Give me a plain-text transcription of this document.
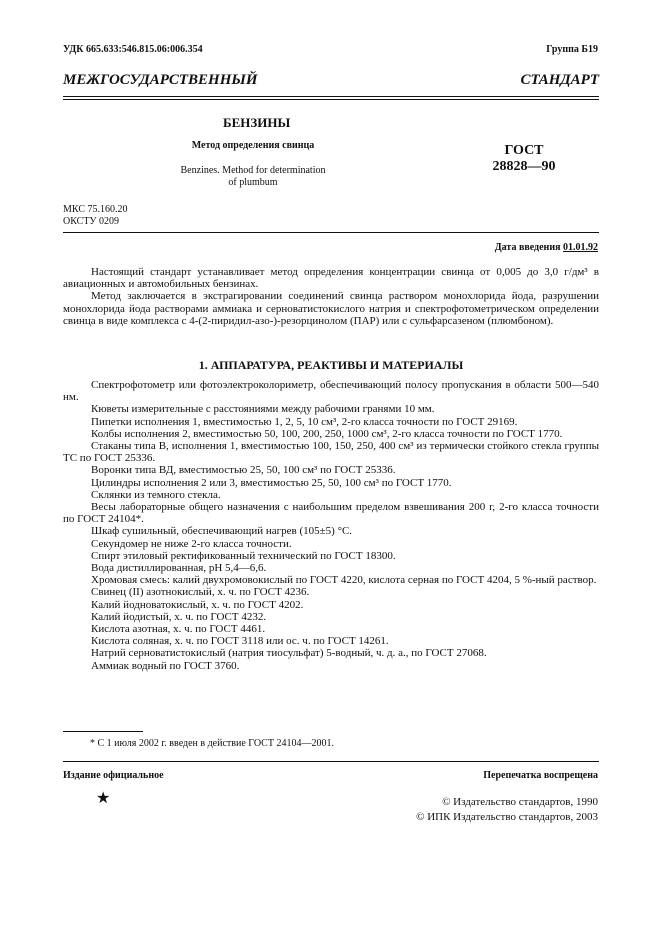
УДК 665.633:546.815.06:006.354	Группа Б19
МЕЖГОСУДАРСТВЕННЫЙ СТАНДАРТ
БЕНЗИНЫ
Метод определения свинца
Benzines. Method for determination
of plumbum
ГОСТ
28828—90
МКС 75.160.20
ОКСТУ 0209
Дата введения 01.01.92

Настоящий стандарт устанавливает метод определения концентрации свинца от 0,005 до 3,0 г/дм³ в авиационных и автомобильных бензинах.

Метод заключается в экстрагировании соединений свинца раствором монохлорида йода, разрушении монохлорида йода растворами аммиака и серноватистокислого натрия и спектрофотометрическом определении свинца в виде комплекса с 4-(2-пиридил-азо-)-резорцинолом (ПАР) или с сульфарсазеном (плюмбоном).

1. АППАРАТУРА, РЕАКТИВЫ И МАТЕРИАЛЫ

Спектрофотометр или фотоэлектроколориметр, обеспечивающий полосу пропускания в области 500—540 нм.

Кюветы измерительные с расстояниями между рабочими гранями 10 мм.

Пипетки исполнения 1, вместимостью 1, 2, 5, 10 см³, 2-го класса точности по ГОСТ 29169.

Колбы исполнения 2, вместимостью 50, 100, 200, 250, 1000 см³, 2-го класса точности по ГОСТ 1770.

Стаканы типа В, исполнения 1, вместимостью 100, 150, 250, 400 см³ из термически стойкого стекла группы ТС по ГОСТ 25336.

Воронки типа ВД, вместимостью 25, 50, 100 см³ по ГОСТ 25336.

Цилиндры исполнения 2 или 3, вместимостью 25, 50, 100 см³ по ГОСТ 1770.

Склянки из темного стекла.

Весы лабораторные общего назначения с наибольшим пределом взвешивания 200 г, 2-го класса точности по ГОСТ 24104*.

Шкаф сушильный, обеспечивающий нагрев (105±5) °С.

Секундомер не ниже 2-го класса точности.

Спирт этиловый ректификованный технический по ГОСТ 18300.

Вода дистиллированная, рН 5,4—6,6.

Хромовая смесь: калий двухромовокислый по ГОСТ 4220, кислота серная по ГОСТ 4204, 5 %-ный раствор.

Свинец (II) азотнокислый, х. ч. по ГОСТ 4236.

Калий йодноватокислый, х. ч. по ГОСТ 4202.

Калий йодистый, х. ч. по ГОСТ 4232.

Кислота азотная, х. ч. по ГОСТ 4461.

Кислота соляная, х. ч. по ГОСТ 3118 или ос. ч. по ГОСТ 14261.

Натрий серноватистокислый (натрия тиосульфат) 5-водный, ч. д. а., по ГОСТ 27068.

Аммиак водный по ГОСТ 3760.

* С 1 июля 2002 г. введен в действие ГОСТ 24104—2001.
Издание официальное	Перепечатка воспрещена
★	© Издательство стандартов, 1990
© ИПК Издательство стандартов, 2003
